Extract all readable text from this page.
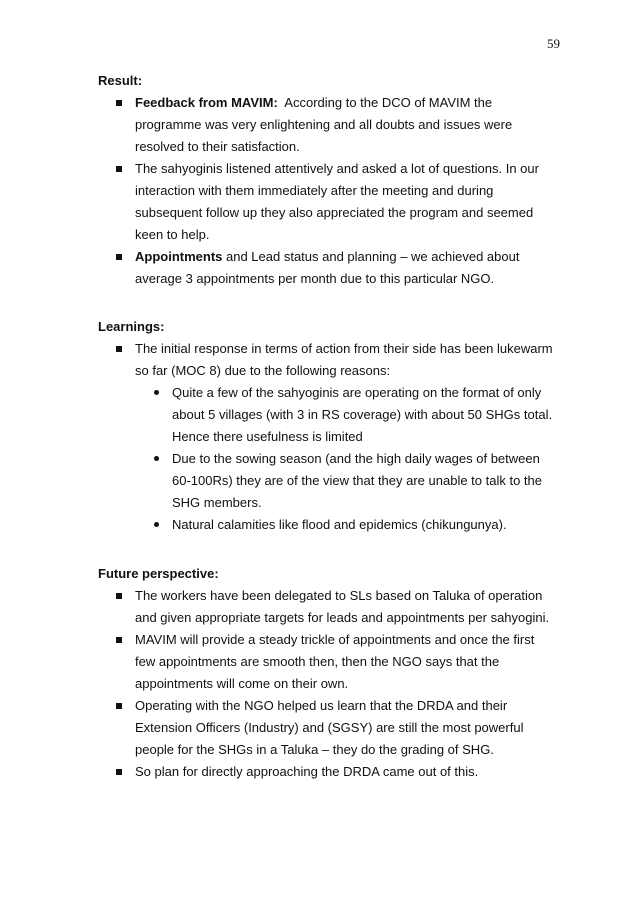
59

Result:

Feedback from MAVIM:  According to the DCO of MAVIM the programme was very enlightening and all doubts and issues were resolved to their satisfaction.
The sahyoginis listened attentively and asked a lot of questions. In our interaction with them immediately after the meeting and during subsequent follow up they also appreciated the program and seemed keen to help.
Appointments and Lead status and planning – we achieved about average 3 appointments per month due to this particular NGO.

Learnings:

The initial response in terms of action from their side has been lukewarm so far (MOC 8) due to the following reasons:
Quite a few of the sahyoginis are operating on the format of only about 5 villages (with 3 in RS coverage) with about 50 SHGs total. Hence there usefulness is limited
Due to the sowing season (and the high daily wages of between 60-100Rs) they are of the view that they are unable to talk to the SHG members.
Natural calamities like flood and epidemics (chikungunya).

Future perspective:

The workers have been delegated to SLs based on Taluka of operation and given appropriate targets for leads and appointments per sahyogini.
MAVIM will provide a steady trickle of appointments and once the first few appointments are smooth then, then the NGO says that the appointments will come on their own.
Operating with the NGO helped us learn that the DRDA and their Extension Officers (Industry) and (SGSY) are still the most powerful people for the SHGs in a Taluka – they do the grading of SHG.
So plan for directly approaching the DRDA came out of this.
